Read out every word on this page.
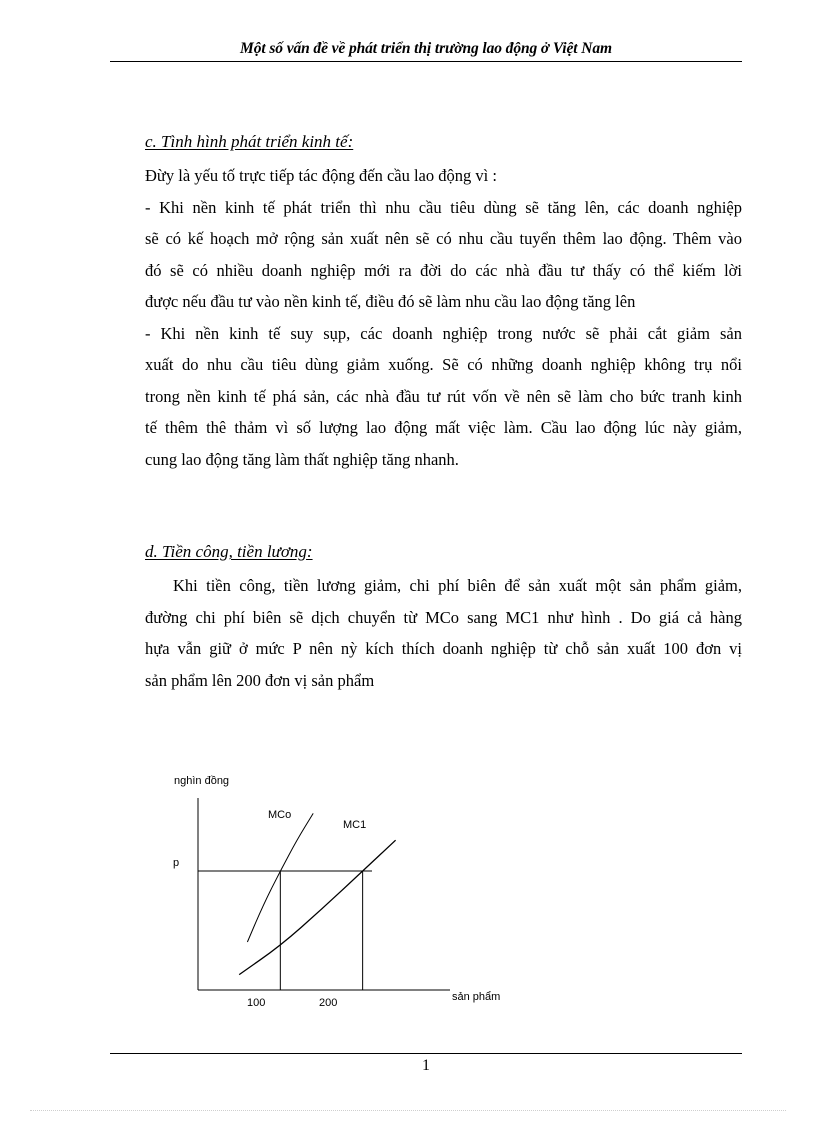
Một số vấn đề về phát triển thị trường lao động ở Việt Nam
c. Tình hình phát triển kinh tế:
Đừy là yếu tố trực tiếp tác động đến cầu lao động vì :
- Khi nền kinh tế phát triển thì nhu cầu tiêu dùng sẽ tăng lên, các doanh nghiệp
sẽ có kế hoạch mở rộng sản xuất nên sẽ có nhu cầu tuyển thêm lao động. Thêm vào
đó sẽ có nhiều doanh nghiệp mới ra đời do các nhà đầu tư thấy có thể kiếm lời
được nếu đầu tư vào nền kinh tế, điều đó sẽ làm nhu cầu lao động tăng lên
- Khi nền kinh tế suy sụp, các doanh nghiệp trong nước sẽ phải cắt giảm sản
xuất do nhu cầu tiêu dùng giảm xuống. Sẽ có những doanh nghiệp không trụ nổi
trong nền kinh tế phá sản, các nhà đầu tư rút vốn về nên sẽ làm cho bức tranh kinh
tế thêm thê thảm vì số lượng lao động mất việc làm. Cầu lao động lúc này giảm,
cung lao động tăng làm thất nghiệp tăng nhanh.
d. Tiền công, tiền lương:
Khi tiền công, tiền lương giảm, chi phí biên để sản xuất một sản phẩm giảm,
đường chi phí biên sẽ dịch chuyển từ MCo sang MC1 như hình . Do giá cả hàng
hựa vẫn giữ ở mức P nên nỳ kích thích doanh nghiệp từ chỗ sản xuất 100 đơn vị
sản phẩm lên 200 đơn vị sản phẩm
nghìn đồng
sản phẩm
p
100	200
MCo
MC1
1
